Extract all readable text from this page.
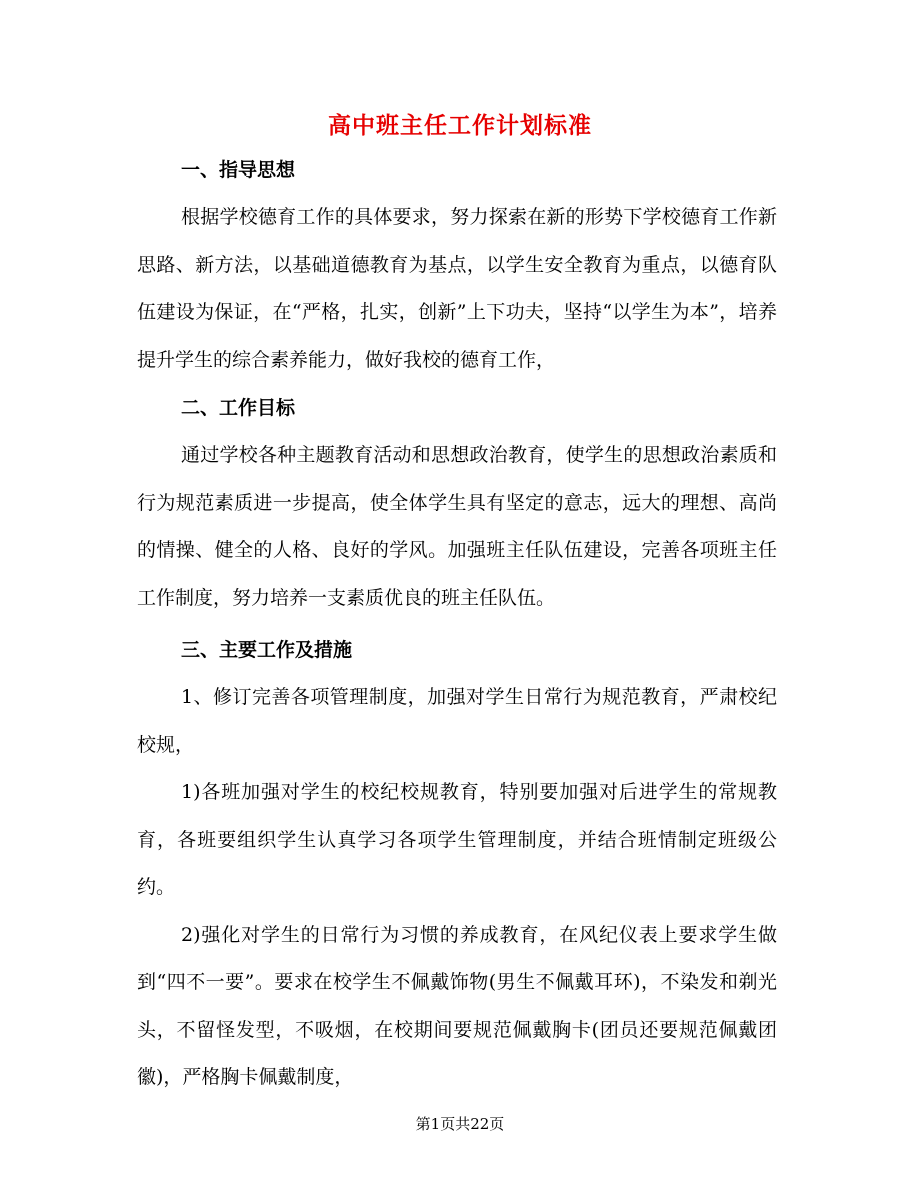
高中班主任工作计划标准

一、指导思想

根据学校德育工作的具体要求，努力探索在新的形势下学校德育工作新思路、新方法，以基础道德教育为基点，以学生安全教育为重点，以德育队伍建设为保证，在“严格，扎实，创新”上下功夫，坚持“以学生为本”，培养提升学生的综合素养能力，做好我校的德育工作，

二、工作目标

通过学校各种主题教育活动和思想政治教育，使学生的思想政治素质和行为规范素质进一步提高，使全体学生具有坚定的意志，远大的理想、高尚的情操、健全的人格、良好的学风。加强班主任队伍建设，完善各项班主任工作制度，努力培养一支素质优良的班主任队伍。

三、主要工作及措施

1、修订完善各项管理制度，加强对学生日常行为规范教育，严肃校纪校规，

1)各班加强对学生的校纪校规教育，特别要加强对后进学生的常规教育，各班要组织学生认真学习各项学生管理制度，并结合班情制定班级公约。

2)强化对学生的日常行为习惯的养成教育，在风纪仪表上要求学生做到“四不一要”。要求在校学生不佩戴饰物(男生不佩戴耳环)，不染发和剃光头，不留怪发型，不吸烟，在校期间要规范佩戴胸卡(团员还要规范佩戴团徽)，严格胸卡佩戴制度，

第1页共22页
